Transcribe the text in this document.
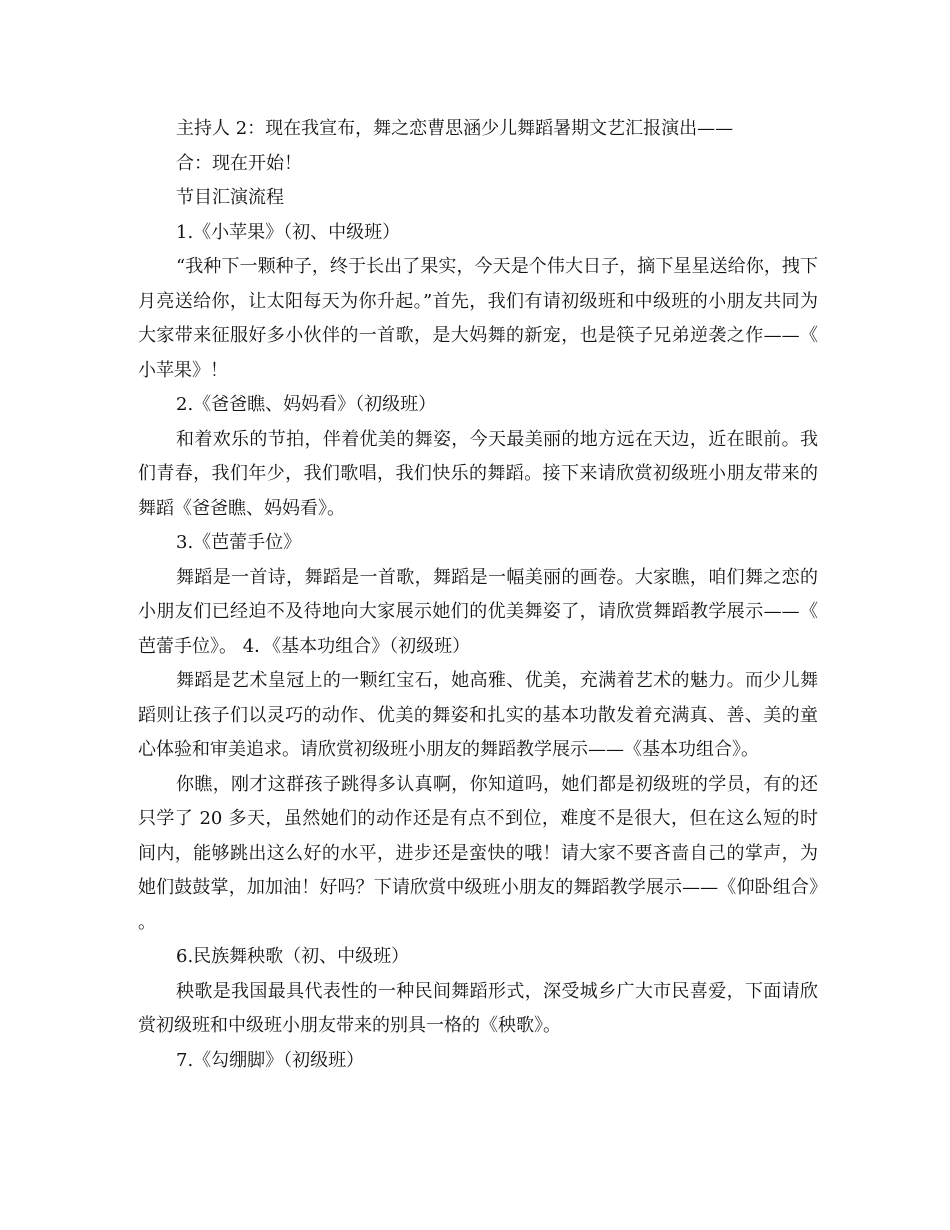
主持人 2：现在我宣布，舞之恋曹思涵少儿舞蹈暑期文艺汇报演出——

合：现在开始！

节目汇演流程

1.《小苹果》（初、中级班）

“我种下一颗种子，终于长出了果实，今天是个伟大日子，摘下星星送给你，拽下月亮送给你，让太阳每天为你升起。”首先，我们有请初级班和中级班的小朋友共同为大家带来征服好多小伙伴的一首歌，是大妈舞的新宠，也是筷子兄弟逆袭之作——《小苹果》！

2.《爸爸瞧、妈妈看》（初级班）

和着欢乐的节拍，伴着优美的舞姿，今天最美丽的地方远在天边，近在眼前。我们青春，我们年少，我们歌唱，我们快乐的舞蹈。接下来请欣赏初级班小朋友带来的舞蹈《爸爸瞧、妈妈看》。

3.《芭蕾手位》

舞蹈是一首诗，舞蹈是一首歌，舞蹈是一幅美丽的画卷。大家瞧，咱们舞之恋的小朋友们已经迫不及待地向大家展示她们的优美舞姿了，请欣赏舞蹈教学展示——《芭蕾手位》。 4．《基本功组合》（初级班）

舞蹈是艺术皇冠上的一颗红宝石，她高雅、优美，充满着艺术的魅力。而少儿舞蹈则让孩子们以灵巧的动作、优美的舞姿和扎实的基本功散发着充满真、善、美的童心体验和审美追求。请欣赏初级班小朋友的舞蹈教学展示——《基本功组合》。

你瞧，刚才这群孩子跳得多认真啊，你知道吗，她们都是初级班的学员，有的还只学了 20 多天，虽然她们的动作还是有点不到位，难度不是很大，但在这么短的时间内，能够跳出这么好的水平，进步还是蛮快的哦！请大家不要吝啬自己的掌声，为她们鼓鼓掌，加加油！好吗？下请欣赏中级班小朋友的舞蹈教学展示——《仰卧组合》。

6.民族舞秧歌（初、中级班）

秧歌是我国最具代表性的一种民间舞蹈形式，深受城乡广大市民喜爱，下面请欣赏初级班和中级班小朋友带来的别具一格的《秧歌》。

7.《勾绷脚》（初级班）
